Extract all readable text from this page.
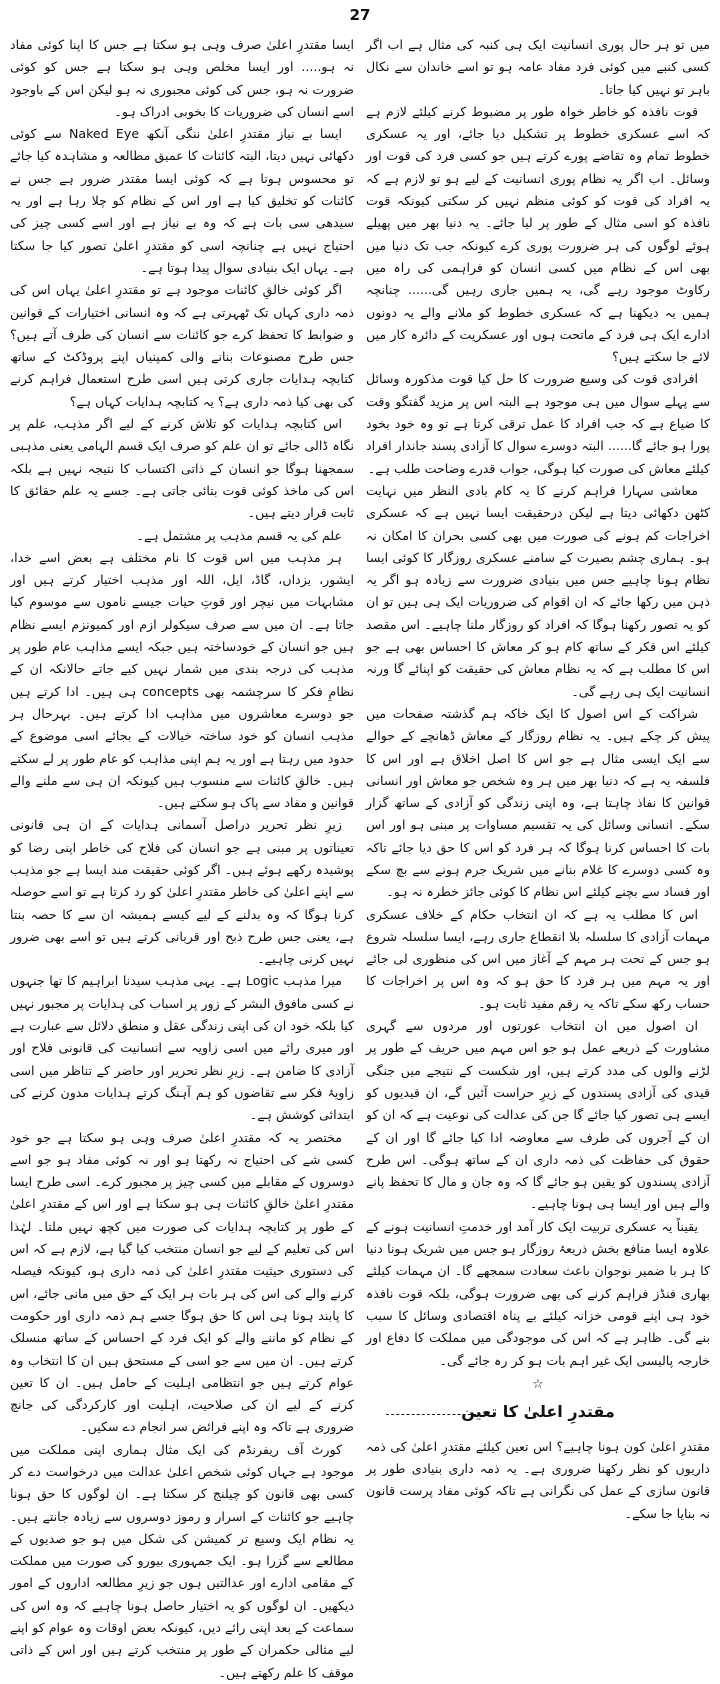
27

ایسا مقتدرِ اعلیٰ صرف وہی ہو سکتا ہے جس کا اپنا کوئی مفاد نہ ہو..... اور ایسا مخلص وہی ہو سکتا ہے جس کو کوئی ضرورت نہ ہو، جس کی کوئی مجبوری نہ ہو لیکن اس کے باوجود اسے انسان کی ضروریات کا بخوبی ادراک ہو۔

ایسا بے نیاز مقتدرِ اعلیٰ ننگی آنکھ Naked Eye سے کوئی دکھائی نہیں دیتا، البتہ کائنات کا عمیق مطالعہ و مشاہدہ کیا جائے تو محسوس ہوتا ہے کہ کوئی ایسا مقتدر ضرور ہے جس نے کائنات کو تخلیق کیا ہے اور اس کے نظام کو چلا رہا ہے اور یہ سیدھی سی بات ہے کہ وہ بے نیاز ہے اور اسے کسی چیز کی احتیاج نہیں ہے چنانچہ اسی کو مقتدرِ اعلیٰ تصور کیا جا سکتا ہے۔ یہاں ایک بنیادی سوال پیدا ہوتا ہے۔

اگر کوئی خالقِ کائنات موجود ہے تو مقتدرِ اعلیٰ یہاں اس کی ذمہ داری کہاں تک ٹھہرتی ہے کہ وہ انسانی اختیارات کے قوانین و ضوابط کا تحفظ کرے جو کائنات سے انسان کی طرف آتے ہیں؟ جس طرح مصنوعات بنانے والی کمپنیاں اپنے پروڈکٹ کے ساتھ کتابچہ ہدایات جاری کرتی ہیں اسی طرح استعمال فراہم کرنے کی بھی کیا ذمہ داری ہے؟ یہ کتابچہ ہدایات کہاں ہے؟

اس کتابچہ ہدایات کو تلاش کرنے کے لیے اگر مذہب، علم پر نگاہ ڈالی جائے تو ان علم کو صرف ایک قسم الہامی یعنی مذہبی سمجھنا ہوگا جو انسان کے ذاتی اکتساب کا نتیجہ نہیں ہے بلکہ اس کی ماخذ کوئی قوت بتائی جاتی ہے۔ جسے یہ علم حقائق کا ثابت قرار دیتے ہیں۔

علم کی یہ قسم مذہب پر مشتمل ہے۔

ہر مذہب میں اس قوت کا نام مختلف ہے بعض اسے خدا، ایشور، یزداں، گاڈ، ایل، اللہ اور مذہب اختیار کرتے ہیں اور مشابہات میں نیچر اور قوتِ حیات جیسے ناموں سے موسوم کیا جاتا ہے۔ ان میں سے صرف سیکولر ازم اور کمیونزم ایسے نظام ہیں جو انسان کے خودساختہ ہیں جبکہ ایسے مذاہب عام طور پر مذہب کی درجہ بندی میں شمار نہیں کیے جاتے حالانکہ ان کے نظامِ فکر کا سرچشمہ بھی concepts ہی ہیں۔ ادا کرتے ہیں جو دوسرے معاشروں میں مذاہب ادا کرتے ہیں۔ بہرحال ہر مذہب انسان کو خود ساختہ خیالات کے بجائے اسی موضوع کے حدود میں رہتا ہے اور یہ ہم اپنی مذاہب کو عام طور پر لے سکتے ہیں۔ خالقِ کائنات سے منسوب ہیں کیونکہ ان ہی سے ملنے والے قوانین و مفاد سے پاک ہو سکتے ہیں۔

زیرِ نظر تحریر دراصل آسمانی ہدایات کے ان ہی قانونی تعیناتوں پر مبنی ہے جو انسان کی فلاح کی خاطر اپنی رضا کو پوشیدہ رکھے ہوئے ہیں۔ اگر کوئی حقیقت مند ایسا ہے جو مذہب سے اپنے اعلیٰ کی خاطر مقتدرِ اعلیٰ کو رد کرتا ہے تو اسے حوصلہ کرنا ہوگا کہ وہ بدلنے کے لیے کیسے ہمیشہ ان سے کا حصہ بنتا ہے، یعنی جس طرح ذبح اور قربانی کرتے ہیں تو اسے بھی ضرور نہیں کرنی چاہیے۔

میرا مذہب Logic ہے۔ یہی مذہب سیدنا ابراہیم کا تھا جنہوں نے کسی مافوق البشر کے زور پر اسباب کی ہدایات پر مجبور نہیں کیا بلکہ خود ان کی اپنی زندگی عقل و منطق دلائل سے عبارت ہے اور میری رائے میں اسی زاویہ سے انسانیت کی قانونی فلاح اور آزادی کا ضامن ہے۔ زیرِ نظر تحریر اور حاضر کے تناظر میں اسی زاویۂ فکر سے تقاضوں کو ہم آہنگ کرتے ہدایات مدون کرنے کی ابتدائی کوشش ہے۔

مختصر یہ کہ مقتدرِ اعلیٰ صرف وہی ہو سکتا ہے جو خود کسی شے کی احتیاج نہ رکھتا ہو اور نہ کوئی مفاد ہو جو اسے دوسروں کے مقابلے میں کسی چیز پر مجبور کرے۔ اسی طرح ایسا مقتدرِ اعلیٰ خالقِ کائنات ہی ہو سکتا ہے اور اس کے مقتدرِ اعلیٰ کے طور پر کتابچہ ہدایات کی صورت میں کچھ نہیں ملتا۔ لہٰذا اس کی تعلیم کے لیے جو انسان منتخب کیا گیا ہے، لازم ہے کہ اس کی دستوری حیثیت مقتدرِ اعلیٰ کی ذمہ داری ہو، کیونکہ فیصلہ کرنے والے کی اس کی ہر بات ہر ایک کے حق میں مانی جائے، اس کا پابند ہونا ہی اس کا حق ہوگا جسے ہم ذمہ داری اور حکومت کے نظام کو ماننے والے کو ایک فرد کے احساس کے ساتھ منسلک کرتے ہیں۔ ان میں سے جو اسی کے مستحق ہیں ان کا انتخاب وہ عوام کرتے ہیں جو انتظامی اہلیت کے حامل ہیں۔ ان کا تعین کرنے کے لیے ان کی صلاحیت، اہلیت اور کارکردگی کی جانچ ضروری ہے تاکہ وہ اپنے فرائض سر انجام دے سکیں۔

کورٹ آف ریفرنڈم کی ایک مثال ہماری اپنی مملکت میں موجود ہے جہاں کوئی شخص اعلیٰ عدالت میں درخواست دے کر کسی بھی قانون کو چیلنج کر سکتا ہے۔ ان لوگوں کا حق ہونا چاہیے جو کائنات کے اسرار و رموز دوسروں سے زیادہ جانتے ہیں۔ یہ نظام ایک وسیع تر کمیشن کی شکل میں ہو جو صدیوں کے مطالعے سے گزرا ہو۔ ایک جمہوری بیورو کی صورت میں مملکت کے مقامی ادارے اور عدالتیں ہوں جو زیرِ مطالعہ اداروں کے امور دیکھیں۔ ان لوگوں کو یہ اختیار حاصل ہونا چاہیے کہ وہ اس کی سماعت کے بعد اپنی رائے دیں، کیونکہ بعض اوقات وہ عوام کو اپنے لیے مثالی حکمران کے طور پر منتخب کرتے ہیں اور اس کے ذاتی موقف کا علم رکھتے ہیں۔

میں تو ہر حال پوری انسانیت ایک ہی کنبہ کی مثال ہے اب اگر کسی کنبے میں کوئی فرد مفاد عامہ ہو تو اسے خاندان سے نکال باہر تو نہیں کیا جاتا۔

قوت نافذہ کو خاطر خواہ طور پر مضبوط کرنے کیلئے لازم ہے کہ اسے عسکری خطوط پر تشکیل دیا جائے، اور یہ عسکری خطوط تمام وہ تقاضے پورے کرتے ہیں جو کسی فرد کی قوت اور وسائل۔ اب اگر یہ نظام پوری انسانیت کے لیے ہو تو لازم ہے کہ یہ افراد کی قوت کو کوئی منظم نہیں کر سکتی کیونکہ قوت نافذہ کو اسی مثال کے طور پر لیا جائے۔ یہ دنیا بھر میں پھیلے ہوئے لوگوں کی ہر ضرورت پوری کرے کیونکہ جب تک دنیا میں بھی اس کے نظام میں کسی انسان کو فراہمی کی راہ میں رکاوٹ موجود رہے گی، یہ ہمیں جاری رہیں گی...... چنانچہ ہمیں یہ دیکھنا ہے کہ عسکری خطوط کو ملانے والے یہ دونوں ادارے ایک ہی فرد کے ماتحت ہوں اور عسکریت کے دائرہ کار میں لائے جا سکتے ہیں؟

افرادی قوت کی وسیع ضرورت کا حل کیا قوت مذکورہ وسائل سے پہلے سوال میں ہی موجود ہے البتہ اس پر مزید گفتگو وقت کا ضیاع ہے کہ جب افراد کا عمل ترقی کرتا ہے تو وہ خود بخود پورا ہو جائے گا...... البتہ دوسرے سوال کا آزادی پسند جاندار افراد کیلئے معاش کی صورت کیا ہوگی، جواب قدرے وضاحت طلب ہے۔

معاشی سہارا فراہم کرنے کا یہ کام بادی النظر میں نہایت کٹھن دکھائی دیتا ہے لیکن درحقیقت ایسا نہیں ہے کہ عسکری اخراجات کم ہونے کی صورت میں بھی کسی بحران کا امکان نہ ہو۔ ہماری چشم بصیرت کے سامنے عسکری روزگار کا کوئی ایسا نظام ہونا چاہیے جس میں بنیادی ضرورت سے زیادہ ہو اگر یہ ذہن میں رکھا جائے کہ ان اقوام کی ضروریات ایک ہی ہیں تو ان کو یہ تصور رکھنا ہوگا کہ افراد کو روزگار ملنا چاہیے۔ اس مقصد کیلئے اس فکر کے ساتھ کام ہو کر معاش کا احساس بھی ہے جو اس کا مطلب ہے کہ یہ نظام معاش کی حقیقت کو اپنائے گا ورنہ انسانیت ایک ہی رہے گی۔

شراکت کے اس اصول کا ایک خاکہ ہم گذشتہ صفحات میں پیش کر چکے ہیں۔ یہ نظام روزگار کے معاش ڈھانچے کے حوالے سے ایک ایسی مثال ہے جو اس کا اصل اخلاق ہے اور اس کا فلسفہ یہ ہے کہ دنیا بھر میں ہر وہ شخص جو معاش اور انسانی قوانین کا نفاذ چاہتا ہے، وہ اپنی زندگی کو آزادی کے ساتھ گزار سکے۔ انسانی وسائل کی یہ تقسیم مساوات پر مبنی ہو اور اس بات کا احساس کرنا ہوگا کہ ہر فرد کو اس کا حق دیا جائے تاکہ وہ کسی دوسرے کا غلام بنانے میں شریک جرم ہونے سے بچ سکے اور فساد سے بچنے کیلئے اس نظام کا کوئی جائز خطرہ نہ ہو۔

اس کا مطلب یہ ہے کہ ان انتخاب حکام کے خلاف عسکری مہمات آزادی کا سلسلہ بلا انقطاع جاری رہے، ایسا سلسلہ شروع ہو جس کے تحت ہر مہم کے آغاز میں اس کی منظوری لی جائے اور یہ مہم میں ہر فرد کا حق ہو کہ وہ اس پر اخراجات کا حساب رکھ سکے تاکہ یہ رقم مفید ثابت ہو۔

ان اصول میں ان انتخاب عورتوں اور مردوں سے گہری مشاورت کے ذریعے عمل ہو جو اس مہم میں حریف کے طور پر لڑنے والوں کی مدد کرتے ہیں، اور شکست کے نتیجے میں جنگی قیدی کی آزادی پسندوں کے زیرِ حراست آئیں گے، ان قیدیوں کو ایسے ہی تصور کیا جائے گا جن کی عدالت کی نوعیت ہے کہ ان کو ان کے آجروں کی طرف سے معاوضہ ادا کیا جائے گا اور ان کے حقوق کی حفاظت کی ذمہ داری ان کے ساتھ ہوگی۔ اس طرح آزادی پسندوں کو یقین ہو جائے گا کہ وہ جان و مال کا تحفظ پانے والے ہیں اور ایسا ہی ہونا چاہیے۔

یقیناً یہ عسکری تربیت ایک کار آمد اور خدمتِ انسانیت ہونے کے علاوہ ایسا منافع بخش ذریعۂ روزگار ہو جس میں شریک ہونا دنیا کا ہر با ضمیر نوجوان باعث سعادت سمجھے گا۔ ان مہمات کیلئے بھاری فنڈز فراہم کرنے کی بھی ضرورت ہوگی، بلکہ قوت نافذہ خود ہی اپنے قومی خزانہ کیلئے بے پناہ اقتصادی وسائل کا سبب بنے گی۔ ظاہر ہے کہ اس کی موجودگی میں مملکت کا دفاع اور خارجہ پالیسی ایک غیر اہم بات ہو کر رہ جائے گی۔

☆
مقتدرِ اعلیٰ کا تعین

مقتدرِ اعلیٰ کون ہونا چاہیے؟ اس تعین کیلئے مقتدرِ اعلیٰ کی ذمہ داریوں کو نظر رکھنا ضروری ہے۔ یہ ذمہ داری بنیادی طور پر قانون سازی کے عمل کی نگرانی ہے تاکہ کوئی مفاد پرست قانون نہ بنایا جا سکے۔
